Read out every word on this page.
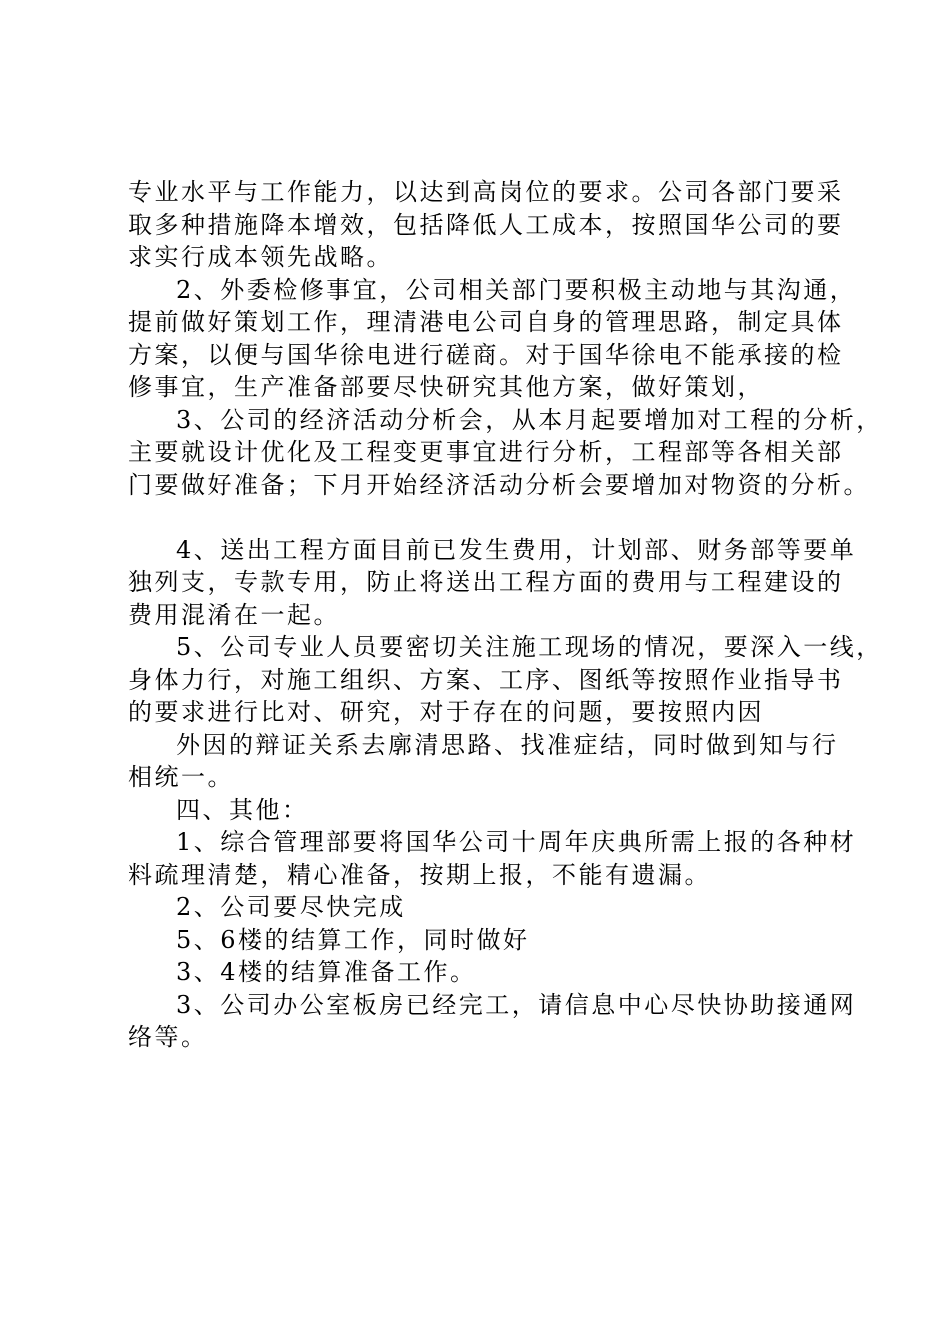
专业水平与工作能力，以达到高岗位的要求。公司各部门要采
取多种措施降本增效，包括降低人工成本，按照国华公司的要
求实行成本领先战略。
2、外委检修事宜，公司相关部门要积极主动地与其沟通，
提前做好策划工作，理清港电公司自身的管理思路，制定具体
方案，以便与国华徐电进行磋商。对于国华徐电不能承接的检
修事宜，生产准备部要尽快研究其他方案，做好策划，
3、公司的经济活动分析会，从本月起要增加对工程的分析，
主要就设计优化及工程变更事宜进行分析，工程部等各相关部
门要做好准备；下月开始经济活动分析会要增加对物资的分析。
4、送出工程方面目前已发生费用，计划部、财务部等要单
独列支，专款专用，防止将送出工程方面的费用与工程建设的
费用混淆在一起。
5、公司专业人员要密切关注施工现场的情况，要深入一线，
身体力行，对施工组织、方案、工序、图纸等按照作业指导书
的要求进行比对、研究，对于存在的问题，要按照内因
外因的辩证关系去廓清思路、找准症结，同时做到知与行
相统一。
四、其他：
1、综合管理部要将国华公司十周年庆典所需上报的各种材
料疏理清楚，精心准备，按期上报，不能有遗漏。
2、公司要尽快完成
5、6楼的结算工作，同时做好
3、4楼的结算准备工作。
3、公司办公室板房已经完工，请信息中心尽快协助接通网
络等。
